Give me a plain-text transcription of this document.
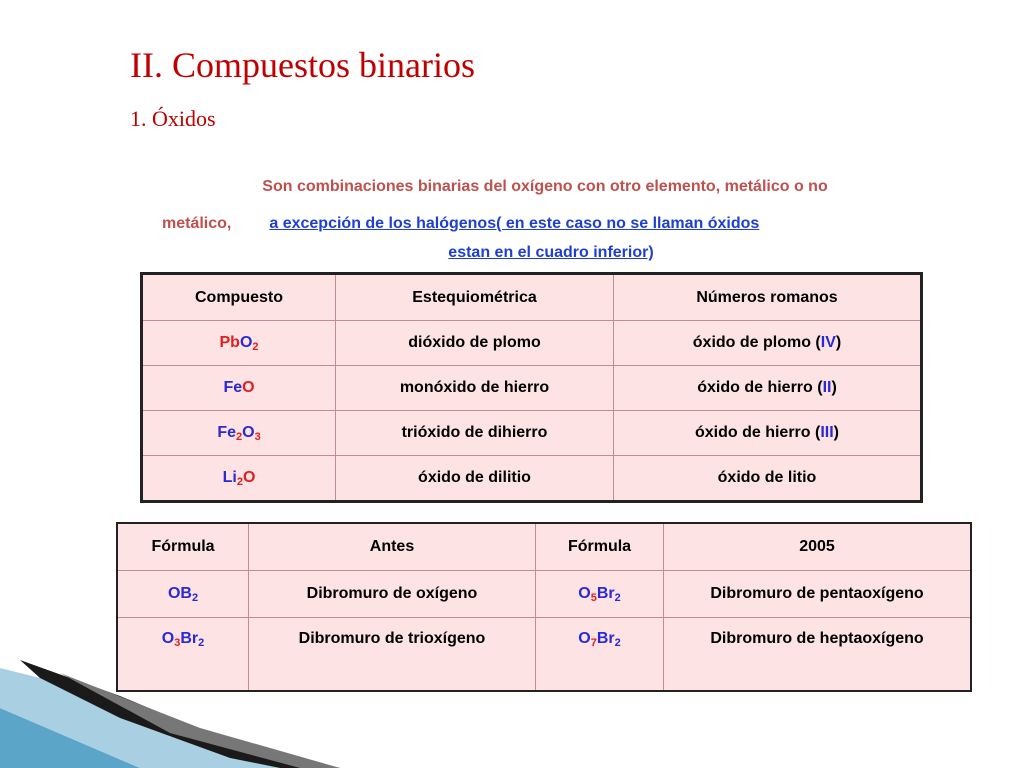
II. Compuestos binarios
1. Óxidos
Son combinaciones binarias del oxígeno con otro elemento, metálico o no
metálico, a excepción de los halógenos( en este caso no se llaman óxidos
estan en el cuadro inferior)
Compuesto	Estequiométrica	Números romanos
PbO$_2$	dióxido de plomo	óxido de plomo (IV)
FeO	monóxido de hierro	óxido de hierro (II)
$Fe_2O_3$	trióxido de dihierro	óxido de hierro (III)
$Li_2O$	óxido de dilitio	óxido de litio
Fórmula	Antes	Fórmula	2005
$OB_2$	Dibromuro de oxígeno	$O_5Br_2$	Dibromuro de pentaoxígeno
$O_3Br_2$	Dibromuro de trioxígeno	$O_7Br_2$	Dibromuro de heptaoxígeno
